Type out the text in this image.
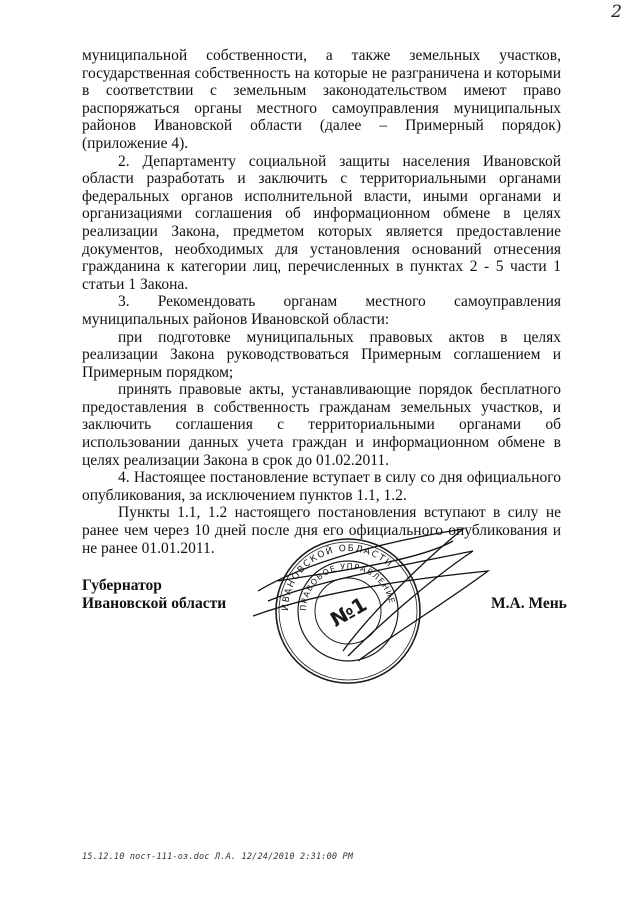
2

муниципальной собственности, а также земельных участков, государственная собственность на которые не разграничена и которыми в соответствии с земельным законодательством имеют право распоряжаться органы местного самоуправления муниципальных районов Ивановской области (далее – Примерный порядок) (приложение 4).

2. Департаменту социальной защиты населения Ивановской области разработать и заключить с территориальными органами федеральных органов исполнительной власти, иными органами и организациями соглашения об информационном обмене в целях реализации Закона, предметом которых является предоставление документов, необходимых для установления оснований отнесения гражданина к категории лиц, перечисленных в пунктах 2 - 5 части 1 статьи 1 Закона.

3. Рекомендовать органам местного самоуправления муниципальных районов Ивановской области:

при подготовке муниципальных правовых актов в целях реализации Закона руководствоваться Примерным соглашением и Примерным порядком;

принять правовые акты, устанавливающие порядок бесплатного предоставления в собственность гражданам земельных участков, и заключить соглашения с территориальными органами об использовании данных учета граждан и информационном обмене в целях реализации Закона в срок до 01.02.2011.

4. Настоящее постановление вступает в силу со дня официального опубликования, за исключением пунктов 1.1, 1.2.

Пункты 1.1, 1.2 настоящего постановления вступают в силу не ранее чем через 10 дней после дня его официального опубликования и не ранее 01.01.2011.

Губернатор
Ивановской области	ИВАНОВСКОЙ ОБЛАСТИ
ПРАВОВОЕ УПРАВЛЕНИЕ
№1	М.А. Мень
15.12.10 пост-111-оз.doc Л.А. 12/24/2010 2:31:00 PM
